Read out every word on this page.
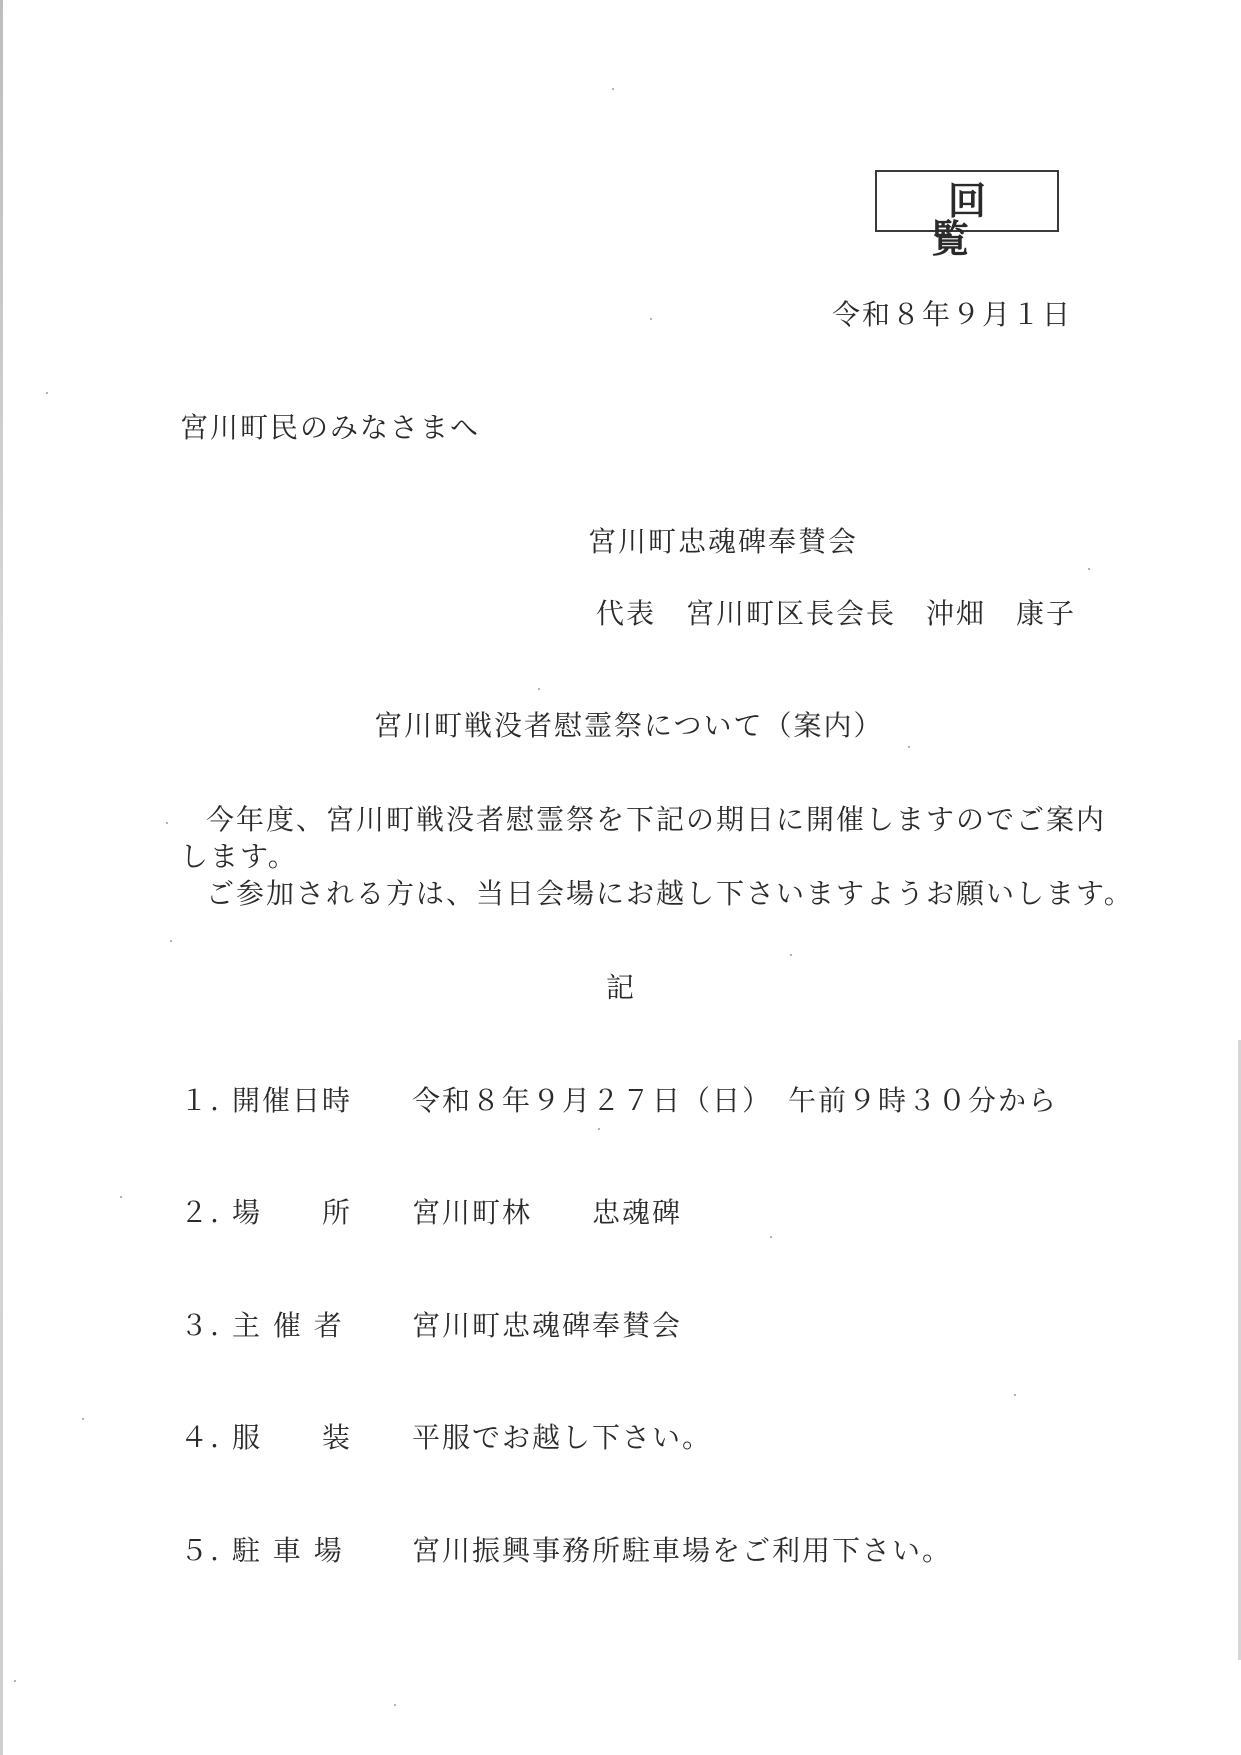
回　覧
令和８年９月１日
宮川町民のみなさまへ
宮川町忠魂碑奉賛会
代表　宮川町区長会長　沖畑　康子
宮川町戦没者慰霊祭について（案内）
今年度、宮川町戦没者慰霊祭を下記の期日に開催しますのでご案内
します。
ご参加される方は、当日会場にお越し下さいますようお願いします。
記
１. 開催日時 令和８年９月２７日（日）　午前９時３０分から
２. 場　　所 宮川町林　　忠魂碑
３. 主 催 者 宮川町忠魂碑奉賛会
４. 服　　装 平服でお越し下さい。
５. 駐 車 場 宮川振興事務所駐車場をご利用下さい。
